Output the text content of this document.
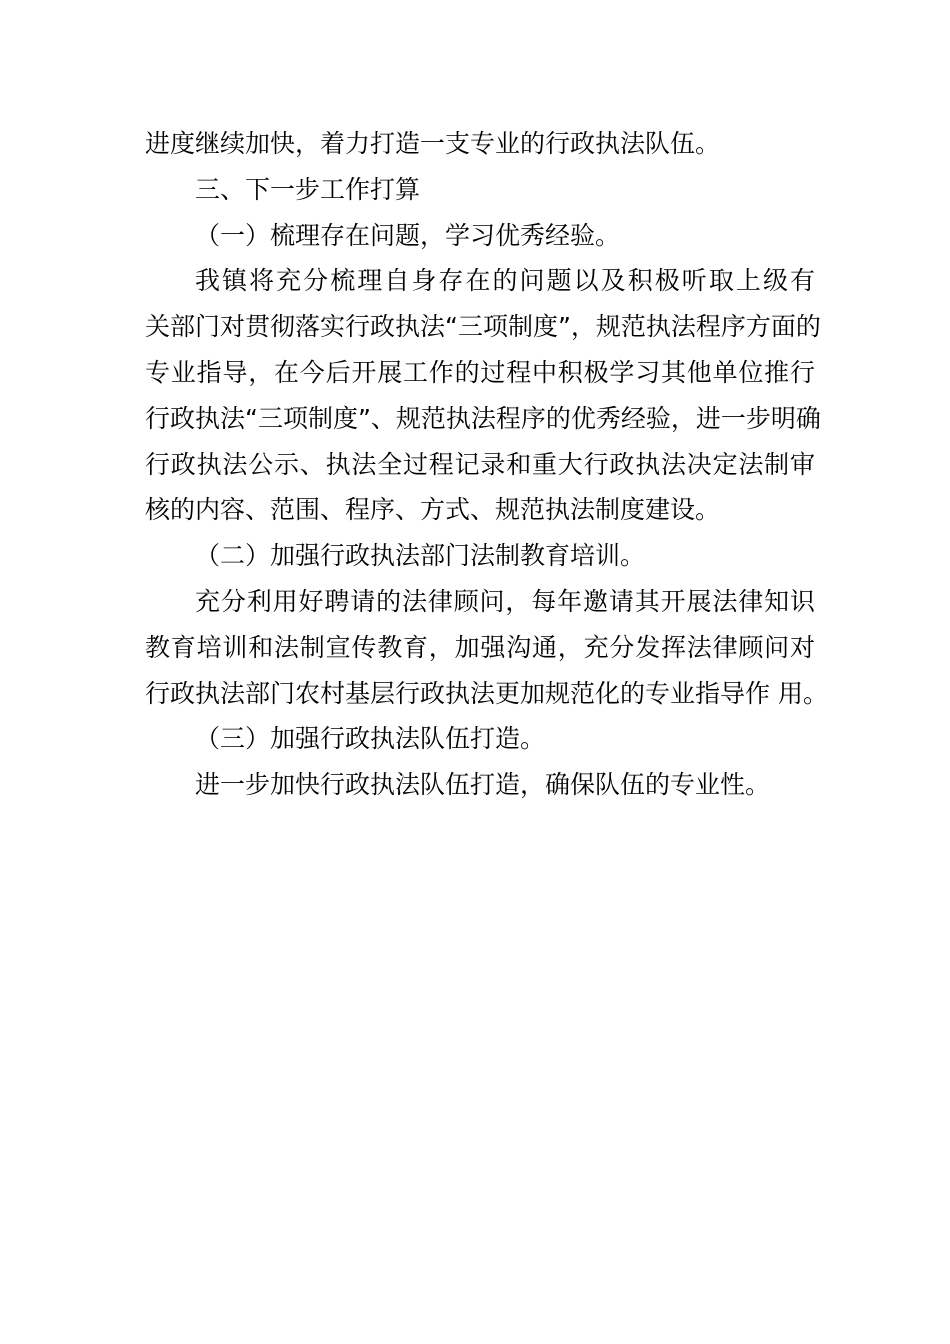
进度继续加快，着力打造一支专业的行政执法队伍。
三、下一步工作打算
（一）梳理存在问题，学习优秀经验。
我镇将充分梳理自身存在的问题以及积极听取上级有
关部门对贯彻落实行政执法“三项制度”，规范执法程序方面的
专业指导，在今后开展工作的过程中积极学习其他单位推行
行政执法“三项制度”、规范执法程序的优秀经验，进一步明确
行政执法公示、执法全过程记录和重大行政执法决定法制审
核的内容、范围、程序、方式、规范执法制度建设。
（二）加强行政执法部门法制教育培训。
充分利用好聘请的法律顾问，每年邀请其开展法律知识
教育培训和法制宣传教育，加强沟通，充分发挥法律顾问对
行政执法部门农村基层行政执法更加规范化的专业指导作 用。
（三）加强行政执法队伍打造。
进一步加快行政执法队伍打造，确保队伍的专业性。
